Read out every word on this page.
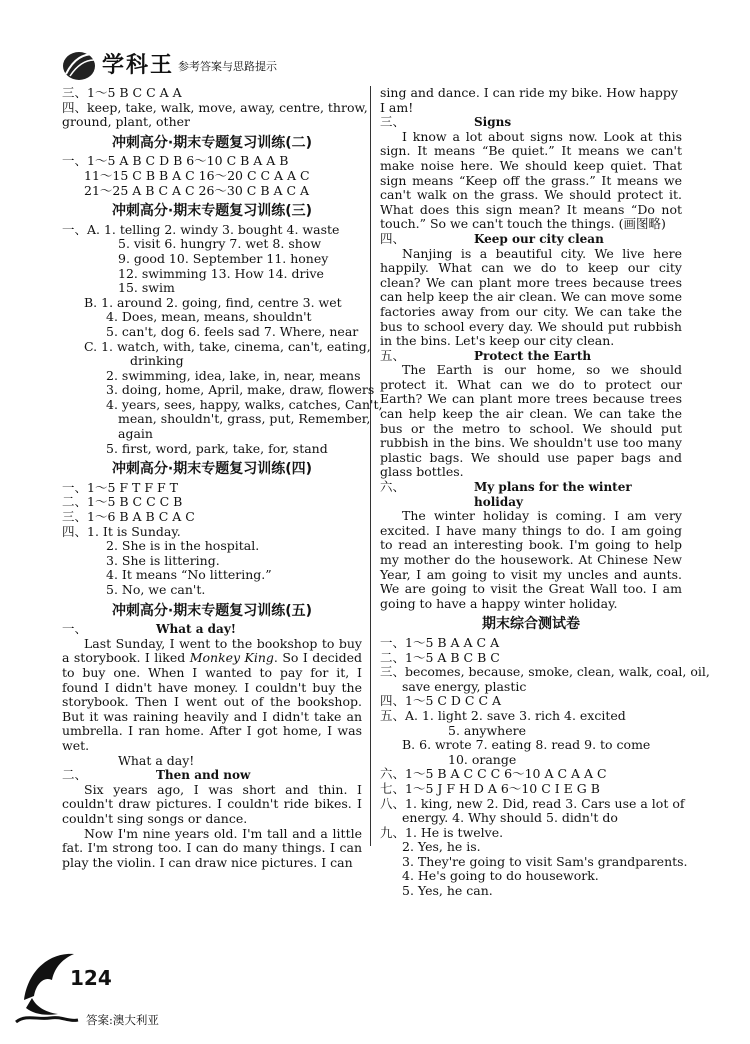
学科王 参考答案与思路提示
三、1～5 B C C A A
四、keep, take, walk, move, away, centre, throw,
ground, plant, other
冲刺高分·期末专题复习训练(二)
一、1～5 A B C D B 6～10 C B A A B
11～15 C B B A C 16～20 C C A A C
21～25 A B C A C 26～30 C B A C A
冲刺高分·期末专题复习训练(三)
一、A. 1. telling 2. windy 3. bought 4. waste
5. visit 6. hungry 7. wet 8. show
9. good 10. September 11. honey
12. swimming 13. How 14. drive
15. swim
B. 1. around 2. going, find, centre 3. wet
4. Does, mean, means, shouldn't
5. can't, dog 6. feels sad 7. Where, near
C. 1. watch, with, take, cinema, can't, eating,
drinking
2. swimming, idea, lake, in, near, means
3. doing, home, April, make, draw, flowers
4. years, sees, happy, walks, catches, Can't,
mean, shouldn't, grass, put, Remember,
again
5. first, word, park, take, for, stand
冲刺高分·期末专题复习训练(四)
一、1～5 F T F F T
二、1～5 B C C C B
三、1～6 B A B C A C
四、1. It is Sunday.
2. She is in the hospital.
3. She is littering.
4. It means “No littering.”
5. No, we can't.
冲刺高分·期末专题复习训练(五)
一、	What a day!
Last Sunday, I went to the bookshop to buy a storybook. I liked Monkey King. So I decided to buy one. When I wanted to pay for it, I found I didn't have money. I couldn't buy the storybook. Then I went out of the bookshop. But it was raining heavily and I didn't take an umbrella. I ran home. After I got home, I was wet.
What a day!
二、	Then and now
Six years ago, I was short and thin. I couldn't draw pictures. I couldn't ride bikes. I couldn't sing songs or dance.
Now I'm nine years old. I'm tall and a little fat. I'm strong too. I can do many things. I can play the violin. I can draw nice pictures. I can
sing and dance. I can ride my bike. How happy I am!
三、	Signs
I know a lot about signs now. Look at this sign. It means “Be quiet.” It means we can't make noise here. We should keep quiet. That sign means “Keep off the grass.” It means we can't walk on the grass. We should protect it. What does this sign mean? It means “Do not touch.” So we can't touch the things. (画图略)
四、	Keep our city clean
Nanjing is a beautiful city. We live here happily. What can we do to keep our city clean? We can plant more trees because trees can help keep the air clean. We can move some factories away from our city. We can take the bus to school every day. We should put rubbish in the bins. Let's keep our city clean.
五、	Protect the Earth
The Earth is our home, so we should protect it. What can we do to protect our Earth? We can plant more trees because trees can help keep the air clean. We can take the bus or the metro to school. We should put rubbish in the bins. We shouldn't use too many plastic bags. We should use paper bags and glass bottles.
六、	My plans for the winter holiday
The winter holiday is coming. I am very excited. I have many things to do. I am going to read an interesting book. I'm going to help my mother do the housework. At Chinese New Year, I am going to visit my uncles and aunts. We are going to visit the Great Wall too. I am going to have a happy winter holiday.
期末综合测试卷
一、1～5 B A A C A
二、1～5 A B C B C
三、becomes, because, smoke, clean, walk, coal, oil,
save energy, plastic
四、1～5 C D C C A
五、A. 1. light 2. save 3. rich 4. excited
5. anywhere
B. 6. wrote 7. eating 8. read 9. to come
10. orange
六、1～5 B A C C C 6～10 A C A A C
七、1～5 J F H D A 6～10 C I E G B
八、1. king, new 2. Did, read 3. Cars use a lot of
energy. 4. Why should 5. didn't do
九、1. He is twelve.
2. Yes, he is.
3. They're going to visit Sam's grandparents.
4. He's going to do housework.
5. Yes, he can.
124
答案:澳大利亚
